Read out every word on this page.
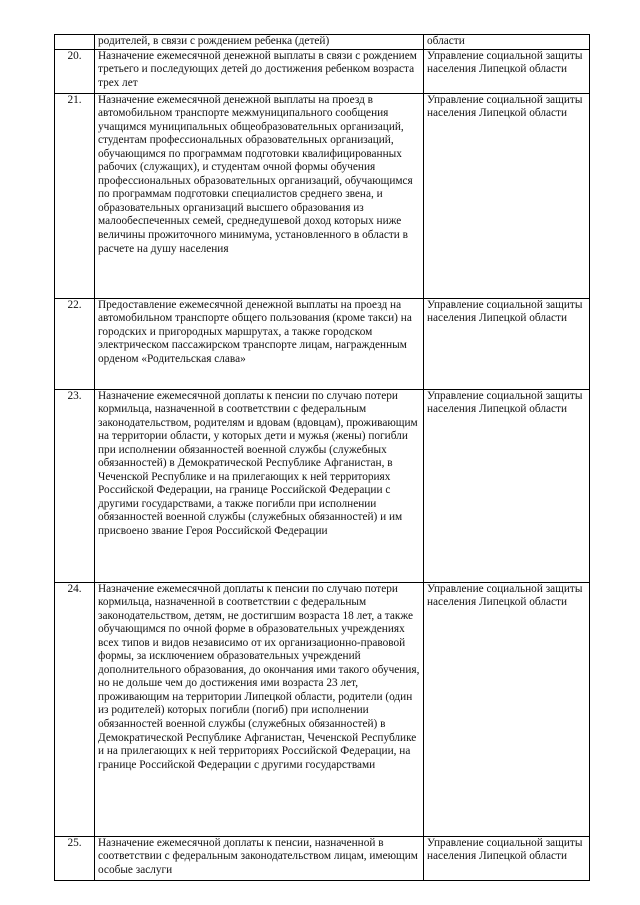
	родителей, в связи с рождением ребенка (детей)	области
20.	Назначение ежемесячной денежной выплаты в связи с рождением третьего и последующих детей до достижения ребенком возраста трех лет	Управление социальной защиты населения Липецкой области
21.	Назначение ежемесячной денежной выплаты на проезд в автомобильном транспорте межмуниципального сообщения учащимся муниципальных общеобразовательных организаций, студентам профессиональных образовательных организаций, обучающимся по программам подготовки квалифицированных рабочих (служащих), и студентам очной формы обучения профессиональных образовательных организаций, обучающимся по программам подготовки специалистов среднего звена, и образовательных организаций высшего образования из малообеспеченных семей, среднедушевой доход которых ниже величины прожиточного минимума, установленного в области в расчете на душу населения	Управление социальной защиты населения Липецкой области
22.	Предоставление ежемесячной денежной выплаты на проезд на автомобильном транспорте общего пользования (кроме такси) на городских и пригородных маршрутах, а также городском электрическом пассажирском транспорте лицам, награжденным орденом «Родительская слава»	Управление социальной защиты населения Липецкой области
23.	Назначение ежемесячной доплаты к пенсии по случаю потери кормильца, назначенной в соответствии с федеральным законодательством, родителям и вдовам (вдовцам), проживающим на территории области, у которых дети и мужья (жены) погибли при исполнении обязанностей военной службы (служебных обязанностей) в Демократической Республике Афганистан, в Чеченской Республике и на прилегающих к ней территориях Российской Федерации, на границе Российской Федерации с другими государствами, а также погибли при исполнении обязанностей военной службы (служебных обязанностей) и им присвоено звание Героя Российской Федерации	Управление социальной защиты населения Липецкой области
24.	Назначение ежемесячной доплаты к пенсии по случаю потери кормильца, назначенной в соответствии с федеральным законодательством, детям, не достигшим возраста 18 лет, а также обучающимся по очной форме в образовательных учреждениях всех типов и видов независимо от их организационно-правовой формы, за исключением образовательных учреждений дополнительного образования, до окончания ими такого обучения, но не дольше чем до достижения ими возраста 23 лет, проживающим на территории Липецкой области, родители (один из родителей) которых погибли (погиб) при исполнении обязанностей военной службы (служебных обязанностей) в Демократической Республике Афганистан, Чеченской Республике и на прилегающих к ней территориях Российской Федерации, на границе Российской Федерации с другими государствами	Управление социальной защиты населения Липецкой области
25.	Назначение ежемесячной доплаты к пенсии, назначенной в соответствии с федеральным законодательством лицам, имеющим особые заслуги	Управление социальной защиты населения Липецкой области
